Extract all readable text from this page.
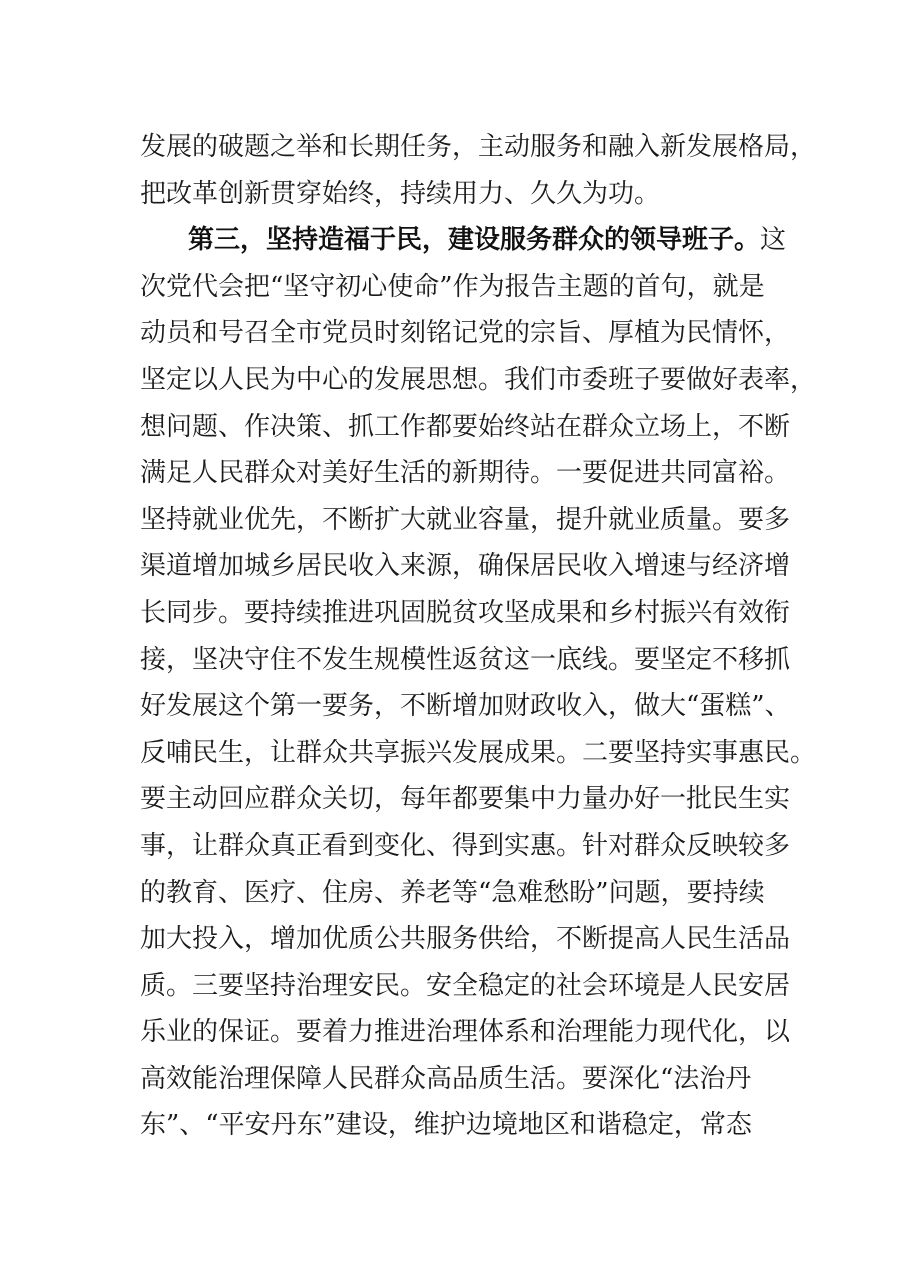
发展的破题之举和长期任务，主动服务和融入新发展格局，
把改革创新贯穿始终，持续用力、久久为功。
第三，坚持造福于民，建设服务群众的领导班子。这
次党代会把“坚守初心使命”作为报告主题的首句，就是
动员和号召全市党员时刻铭记党的宗旨、厚植为民情怀，
坚定以人民为中心的发展思想。我们市委班子要做好表率，
想问题、作决策、抓工作都要始终站在群众立场上，不断
满足人民群众对美好生活的新期待。一要促进共同富裕。
坚持就业优先，不断扩大就业容量，提升就业质量。要多
渠道增加城乡居民收入来源，确保居民收入增速与经济增
长同步。要持续推进巩固脱贫攻坚成果和乡村振兴有效衔
接，坚决守住不发生规模性返贫这一底线。要坚定不移抓
好发展这个第一要务，不断增加财政收入，做大“蛋糕”、
反哺民生，让群众共享振兴发展成果。二要坚持实事惠民。
要主动回应群众关切，每年都要集中力量办好一批民生实
事，让群众真正看到变化、得到实惠。针对群众反映较多
的教育、医疗、住房、养老等“急难愁盼”问题，要持续
加大投入，增加优质公共服务供给，不断提高人民生活品
质。三要坚持治理安民。安全稳定的社会环境是人民安居
乐业的保证。要着力推进治理体系和治理能力现代化，以
高效能治理保障人民群众高品质生活。要深化“法治丹
东”、“平安丹东”建设，维护边境地区和谐稳定，常态
